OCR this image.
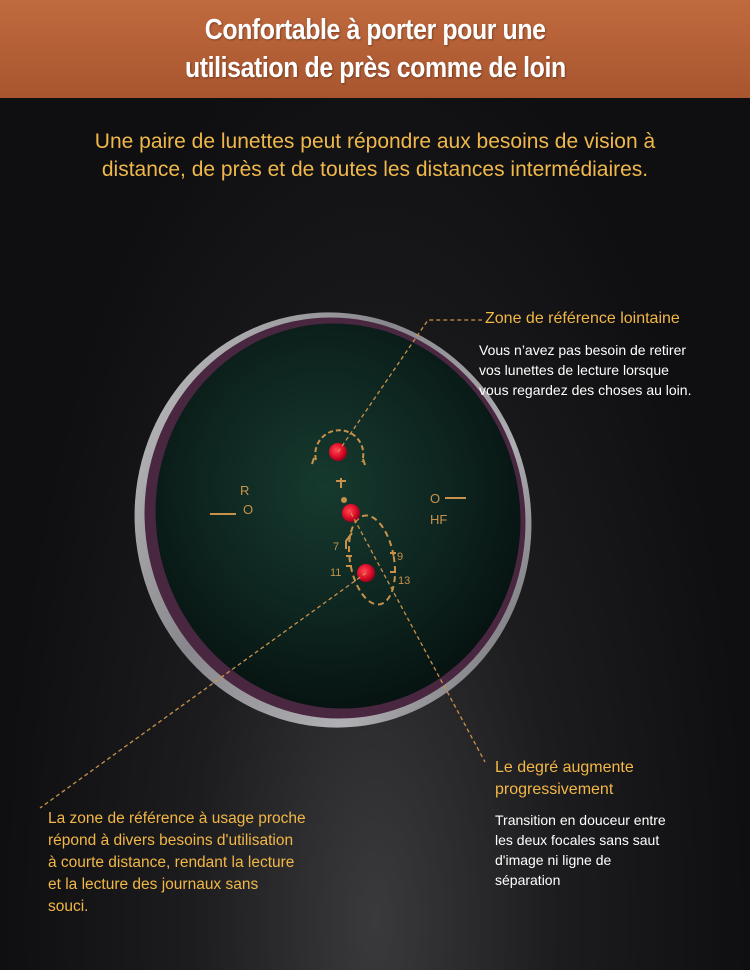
Confortable à porter pour une
utilisation de près comme de loin
Une paire de lunettes peut répondre aux besoins de vision à
distance, de près et de toutes les distances intermédiaires.
R
O
O
HF
7
9
11
13
Zone de référence lointaine
Vous n’avez pas besoin de retirer
vos lunettes de lecture lorsque
vous regardez des choses au loin.
Le degré augmente
progressivement
Transition en douceur entre
les deux focales sans saut
d'image ni ligne de
séparation
La zone de référence à usage proche
répond à divers besoins d'utilisation
à courte distance, rendant la lecture
et la lecture des journaux sans
souci.
